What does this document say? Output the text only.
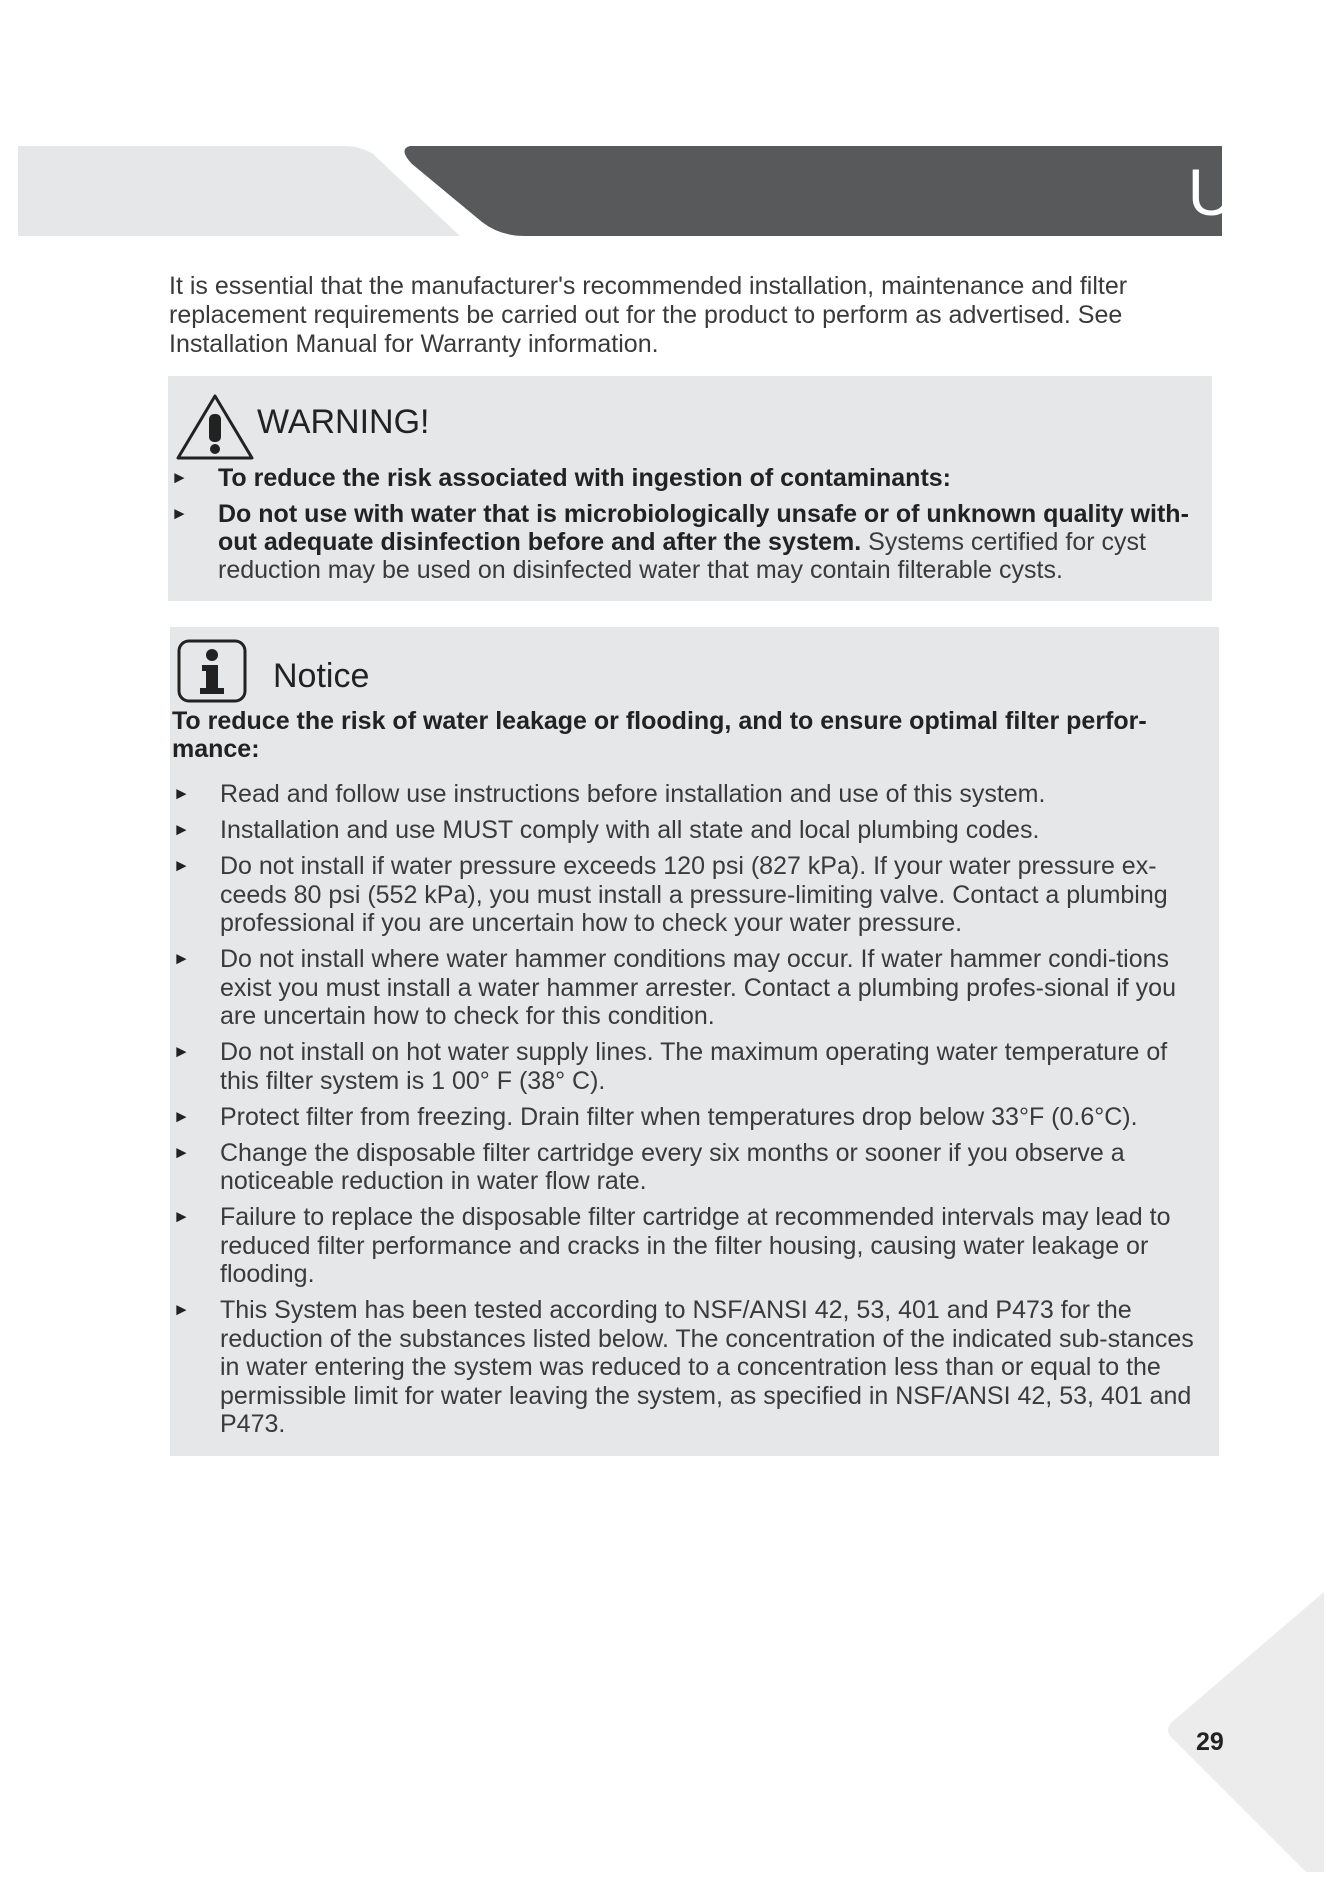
Use

It is essential that the manufacturer's recommended installation, maintenance and filter replacement requirements be carried out for the product to perform as advertised. See Installation Manual for Warranty information.

WARNING!
► To reduce the risk associated with ingestion of contaminants:
► Do not use with water that is microbiologically unsafe or of unknown quality with-out adequate disinfection before and after the system. Systems certified for cyst reduction may be used on disinfected water that may contain filterable cysts.
Notice

To reduce the risk of water leakage or flooding, and to ensure optimal filter perfor-mance:

► Read and follow use instructions before installation and use of this system.
► Installation and use MUST comply with all state and local plumbing codes.
► Do not install if water pressure exceeds 120 psi (827 kPa). If your water pressure ex-ceeds 80 psi (552 kPa), you must install a pressure-limiting valve. Contact a plumbing professional if you are uncertain how to check your water pressure.
► Do not install where water hammer conditions may occur. If water hammer condi-tions exist you must install a water hammer arrester. Contact a plumbing profes-sional if you are uncertain how to check for this condition.
► Do not install on hot water supply lines. The maximum operating water temperature of this filter system is 1 00° F (38° C).
► Protect filter from freezing. Drain filter when temperatures drop below 33°F (0.6°C).
► Change the disposable filter cartridge every six months or sooner if you observe a noticeable reduction in water flow rate.
► Failure to replace the disposable filter cartridge at recommended intervals may lead to reduced filter performance and cracks in the filter housing, causing water leakage or flooding.
► This System has been tested according to NSF/ANSI 42, 53, 401 and P473 for the reduction of the substances listed below. The concentration of the indicated sub-stances in water entering the system was reduced to a concentration less than or equal to the permissible limit for water leaving the system, as specified in NSF/ANSI 42, 53, 401 and P473.
29
